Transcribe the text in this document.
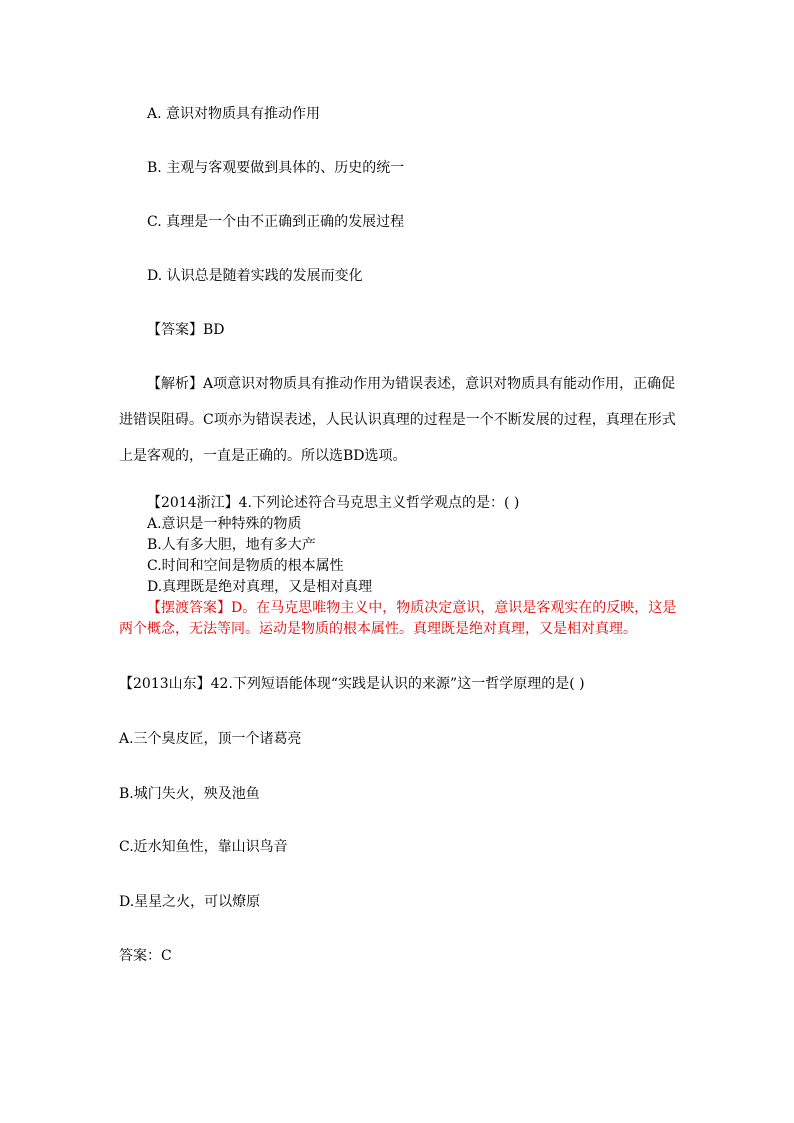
A. 意识对物质具有推动作用
B. 主观与客观要做到具体的、历史的统一
C. 真理是一个由不正确到正确的发展过程
D. 认识总是随着实践的发展而变化
【答案】BD
【解析】A项意识对物质具有推动作用为错误表述，意识对物质具有能动作用，正确促
进错误阻碍。C项亦为错误表述，人民认识真理的过程是一个不断发展的过程，真理在形式
上是客观的，一直是正确的。所以选BD选项。
【2014浙江】4.下列论述符合马克思主义哲学观点的是：( )
A.意识是一种特殊的物质
B.人有多大胆，地有多大产
C.时间和空间是物质的根本属性
D.真理既是绝对真理，又是相对真理
【摆渡答案】D。在马克思唯物主义中，物质决定意识，意识是客观实在的反映，这是
两个概念，无法等同。运动是物质的根本属性。真理既是绝对真理，又是相对真理。
【2013山东】42.下列短语能体现“实践是认识的来源”这一哲学原理的是( )
A.三个臭皮匠，顶一个诸葛亮
B.城门失火，殃及池鱼
C.近水知鱼性，靠山识鸟音
D.星星之火，可以燎原
答案：C
